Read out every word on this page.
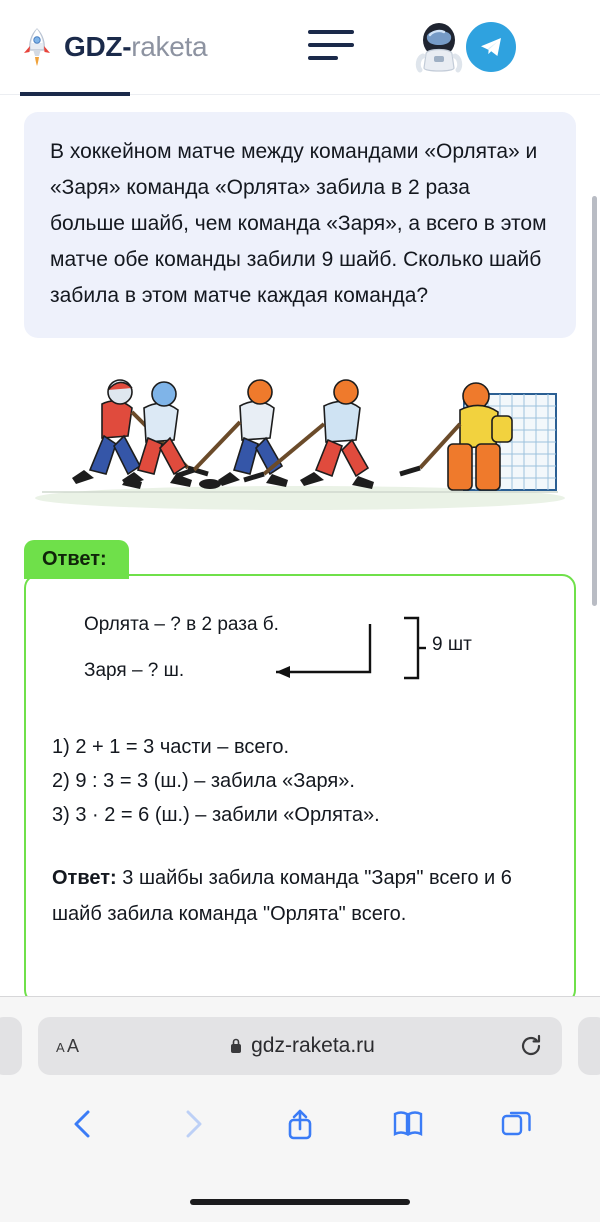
GDZ-raketa
В хоккейном матче между командами «Орлята» и «Заря» команда «Орлята» забила в 2 раза больше шайб, чем команда «Заря», а всего в этом матче обе команды забили 9 шайб. Сколько шайб забила в этом матче каждая команда?
Ответ:
Орлята – ? в 2 раза б.
Заря – ? ш.
9 шт
1) 2 + 1 = 3 части – всего.
2) 9 : 3 = 3 (ш.) – забила «Заря».
3) 3 · 2 = 6 (ш.) – забили «Орлята».
Ответ: 3 шайбы забила команда "Заря" всего и 6 шайб забила команда "Орлята" всего.
A A	gdz-raketa.ru
